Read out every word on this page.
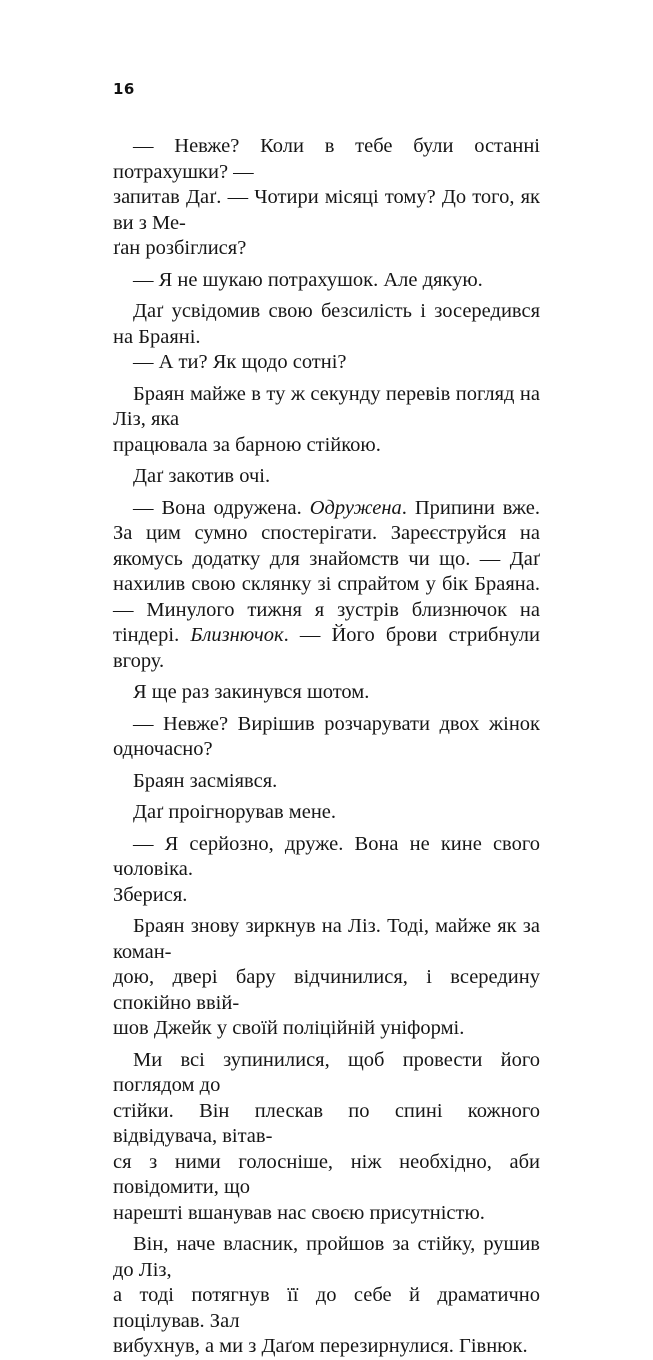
16

— Невже? Коли в тебе були останні потрахушки? —
запитав Даґ. — Чотири місяці тому? До того, як ви з Ме-
ґан розбіглися?

— Я не шукаю потрахушок. Але дякую.

Даґ усвідомив свою безсилість і зосередився на Браяні.

— А ти? Як щодо сотні?

Браян майже в ту ж секунду перевів погляд на Ліз, яка
працювала за барною стійкою.

Даґ закотив очі.

— Вона одружена. Одружена. Припини вже. За цим сумно спостерігати. Зареєструйся на якомусь додатку для знайомств чи що. — Даґ нахилив свою склянку зі спрайтом у бік Браяна. — Минулого тижня я зустрів близнючок на тіндері. Близнючок. — Його брови стрибнули вгору.

Я ще раз закинувся шотом.

— Невже? Вирішив розчарувати двох жінок одночасно?

Браян засміявся.

Даґ проігнорував мене.

— Я серйозно, друже. Вона не кине свого чоловіка.
Зберися.

Браян знову зиркнув на Ліз. Тоді, майже як за коман-
дою, двері бару відчинилися, і всередину спокійно ввій-
шов Джейк у своїй поліційній уніформі.

Ми всі зупинилися, щоб провести його поглядом до
стійки. Він плескав по спині кожного відвідувача, вітав-
ся з ними голосніше, ніж необхідно, аби повідомити, що
нарешті вшанував нас своєю присутністю.

Він, наче власник, пройшов за стійку, рушив до Ліз,
а тоді потягнув її до себе й драматично поцілував. Зал
вибухнув, а ми з Даґом перезирнулися. Гівнюк.
